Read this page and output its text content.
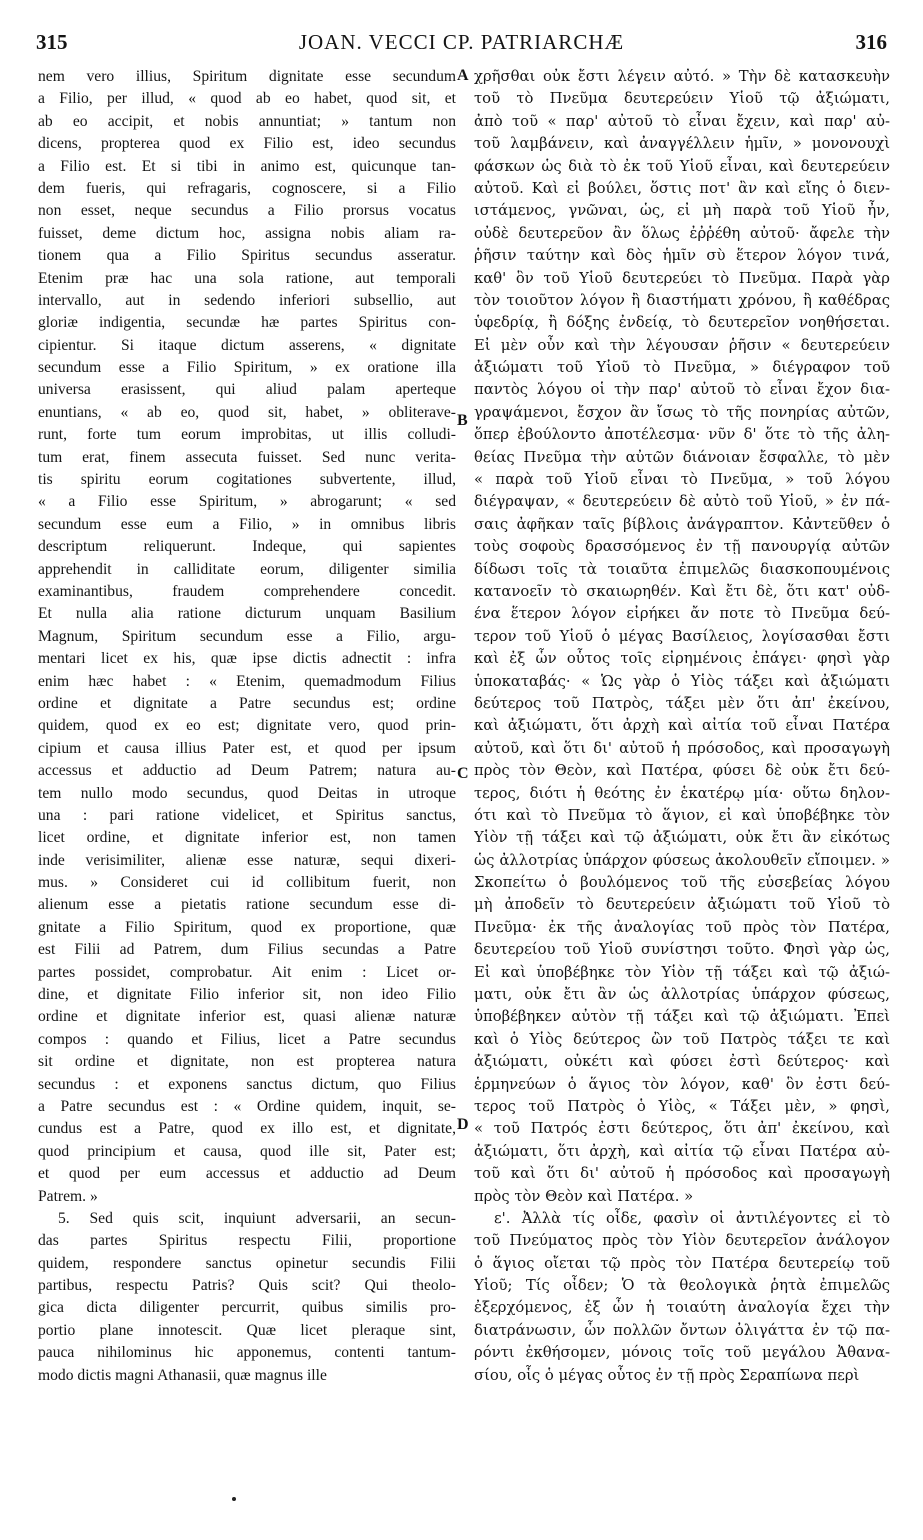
315	JOAN. VECCI CP. PATRIARCHÆ	316
nem vero illius, Spiritum dignitate esse secundum
a Filio, per illud, « quod ab eo habet, quod sit, et
ab eo accipit, et nobis annuntiat; » tantum non
dicens, propterea quod ex Filio est, ideo secundus
a Filio est. Et si tibi in animo est, quicunque tan-
dem fueris, qui refragaris, cognoscere, si a Filio
non esset, neque secundus a Filio prorsus vocatus
fuisset, deme dictum hoc, assigna nobis aliam ra-
tionem qua a Filio Spiritus secundus asseratur.
Etenim præ hac una sola ratione, aut temporali
intervallo, aut in sedendo inferiori subsellio, aut
gloriæ indigentia, secundæ hæ partes Spiritus con-
cipientur. Si itaque dictum asserens, « dignitate
secundum esse a Filio Spiritum, » ex oratione illa
universa erasissent, qui aliud palam aperteque
enuntians, « ab eo, quod sit, habet, » obliterave-
runt, forte tum eorum improbitas, ut illis colludi-
tum erat, finem assecuta fuisset. Sed nunc verita-
tis spiritu eorum cogitationes subvertente, illud,
« a Filio esse Spiritum, » abrogarunt; « sed
secundum esse eum a Filio, » in omnibus libris
descriptum reliquerunt. Indeque, qui sapientes
apprehendit in calliditate eorum, diligenter similia
examinantibus, fraudem comprehendere concedit.
Et nulla alia ratione dicturum unquam Basilium
Magnum, Spiritum secundum esse a Filio, argu-
mentari licet ex his, quæ ipse dictis adnectit : infra
enim hæc habet : « Etenim, quemadmodum Filius
ordine et dignitate a Patre secundus est; ordine
quidem, quod ex eo est; dignitate vero, quod prin-
cipium et causa illius Pater est, et quod per ipsum
accessus et adductio ad Deum Patrem; natura au-
tem nullo modo secundus, quod Deitas in utroque
una : pari ratione videlicet, et Spiritus sanctus,
licet ordine, et dignitate inferior est, non tamen
inde verisimiliter, alienæ esse naturæ, sequi dixeri-
mus. » Consideret cui id collibitum fuerit, non
alienum esse a pietatis ratione secundum esse di-
gnitate a Filio Spiritum, quod ex proportione, quæ
est Filii ad Patrem, dum Filius secundas a Patre
partes possidet, comprobatur. Ait enim : Licet or-
dine, et dignitate Filio inferior sit, non ideo Filio
ordine et dignitate inferior est, quasi alienæ naturæ
compos : quando et Filius, licet a Patre secundus
sit ordine et dignitate, non est propterea natura
secundus : et exponens sanctus dictum, quo Filius
a Patre secundus est : « Ordine quidem, inquit, se-
cundus est a Patre, quod ex illo est, et dignitate,
quod principium et causa, quod ille sit, Pater est;
et quod per eum accessus et adductio ad Deum
Patrem. »
5. Sed quis scit, inquiunt adversarii, an secun-
das partes Spiritus respectu Filii, proportione
quidem, respondere sanctus opinetur secundis Filii
partibus, respectu Patris? Quis scit? Qui theolo-
gica dicta diligenter percurrit, quibus similis pro-
portio plane innotescit. Quæ licet pleraque sint,
pauca nihilominus hic apponemus, contenti tantum-
modo dictis magni Athanasii, quæ magnus ille
χρῆσθαι οὐκ ἔστι λέγειν αὐτό. » Τὴν δὲ κατασκευὴν
τοῦ τὸ Πνεῦμα δευτερεύειν Υἱοῦ τῷ ἀξιώματι,
ἀπὸ τοῦ « παρ' αὐτοῦ τὸ εἶναι ἔχειν, καὶ παρ' αὐ-
τοῦ λαμβάνειν, καὶ ἀναγγέλλειν ἡμῖν, » μονονουχὶ
φάσκων ὡς διὰ τὸ ἐκ τοῦ Υἱοῦ εἶναι, καὶ δευτερεύειν
αὐτοῦ. Καὶ εἰ βούλει, ὅστις ποτ' ἂν καὶ εἴης ὁ διεν-
ιστάμενος, γνῶναι, ὡς, εἰ μὴ παρὰ τοῦ Υἱοῦ ἦν,
οὐδὲ δευτερεῦον ἂν ὅλως ἐῤῥέθη αὐτοῦ· ἄφελε τὴν
ῥῆσιν ταύτην καὶ δὸς ἡμῖν σὺ ἕτερον λόγον τινά,
καθ' ὃν τοῦ Υἱοῦ δευτερεύει τὸ Πνεῦμα. Παρὰ γὰρ
τὸν τοιοῦτον λόγον ἢ διαστήματι χρόνου, ἢ καθέδρας
ὑφεδρίᾳ, ἢ δόξης ἐνδείᾳ, τὸ δευτερεῖον νοηθήσεται.
Εἰ μὲν οὖν καὶ τὴν λέγουσαν ῥῆσιν « δευτερεύειν
ἀξιώματι τοῦ Υἱοῦ τὸ Πνεῦμα, » διέγραφον τοῦ
παντὸς λόγου οἱ τὴν παρ' αὐτοῦ τὸ εἶναι ἔχον δια-
γραψάμενοι, ἔσχον ἂν ἴσως τὸ τῆς πονηρίας αὐτῶν,
ὅπερ ἐβούλοντο ἀποτέλεσμα· νῦν δ' ὅτε τὸ τῆς ἀλη-
θείας Πνεῦμα τὴν αὐτῶν διάνοιαν ἔσφαλλε, τὸ μὲν
« παρὰ τοῦ Υἱοῦ εἶναι τὸ Πνεῦμα, » τοῦ λόγου
διέγραψαν, « δευτερεύειν δὲ αὐτὸ τοῦ Υἱοῦ, » ἐν πά-
σαις ἀφῆκαν ταῖς βίβλοις ἀνάγραπτον. Κἀντεῦθεν ὁ
τοὺς σοφοὺς δρασσόμενος ἐν τῇ πανουργίᾳ αὐτῶν
δίδωσι τοῖς τὰ τοιαῦτα ἐπιμελῶς διασκοπουμένοις
κατανοεῖν τὸ σκαιωρηθέν. Καὶ ἔτι δὲ, ὅτι κατ' οὐδ-
ένα ἕτερον λόγον εἰρήκει ἄν ποτε τὸ Πνεῦμα δεύ-
τερον τοῦ Υἱοῦ ὁ μέγας Βασίλειος, λογίσασθαι ἔστι
καὶ ἐξ ὧν οὗτος τοῖς εἰρημένοις ἐπάγει· φησὶ γὰρ
ὑποκαταβάς· « Ὡς γὰρ ὁ Υἱὸς τάξει καὶ ἀξιώματι
δεύτερος τοῦ Πατρὸς, τάξει μὲν ὅτι ἀπ' ἐκείνου,
καὶ ἀξιώματι, ὅτι ἀρχὴ καὶ αἰτία τοῦ εἶναι Πατέρα
αὐτοῦ, καὶ ὅτι δι' αὐτοῦ ἡ πρόσοδος, καὶ προσαγωγὴ
πρὸς τὸν Θεὸν, καὶ Πατέρα, φύσει δὲ οὐκ ἔτι δεύ-
τερος, διότι ἡ θεότης ἐν ἑκατέρῳ μία· οὕτω δηλον-
ότι καὶ τὸ Πνεῦμα τὸ ἅγιον, εἰ καὶ ὑποβέβηκε τὸν
Υἱὸν τῇ τάξει καὶ τῷ ἀξιώματι, οὐκ ἔτι ἂν εἰκότως
ὡς ἀλλοτρίας ὑπάρχον φύσεως ἀκολουθεῖν εἴποιμεν. »
Σκοπείτω ὁ βουλόμενος τοῦ τῆς εὐσεβείας λόγου
μὴ ἀποδεῖν τὸ δευτερεύειν ἀξιώματι τοῦ Υἱοῦ τὸ
Πνεῦμα· ἐκ τῆς ἀναλογίας τοῦ πρὸς τὸν Πατέρα,
δευτερείου τοῦ Υἱοῦ συνίστησι τοῦτο. Φησὶ γὰρ ὡς,
Εἰ καὶ ὑποβέβηκε τὸν Υἱὸν τῇ τάξει καὶ τῷ ἀξιώ-
ματι, οὐκ ἔτι ἂν ὡς ἀλλοτρίας ὑπάρχον φύσεως,
ὑποβέβηκεν αὐτὸν τῇ τάξει καὶ τῷ ἀξιώματι. Ἐπεὶ
καὶ ὁ Υἱὸς δεύτερος ὢν τοῦ Πατρὸς τάξει τε καὶ
ἀξιώματι, οὐκέτι καὶ φύσει ἐστὶ δεύτερος· καὶ
ἑρμηνεύων ὁ ἅγιος τὸν λόγον, καθ' ὃν ἐστι δεύ-
τερος τοῦ Πατρὸς ὁ Υἱὸς, « Τάξει μὲν, » φησὶ,
« τοῦ Πατρός ἐστι δεύτερος, ὅτι ἀπ' ἐκείνου, καὶ
ἀξιώματι, ὅτι ἀρχὴ, καὶ αἰτία τῷ εἶναι Πατέρα αὐ-
τοῦ καὶ ὅτι δι' αὐτοῦ ἡ πρόσοδος καὶ προσαγωγὴ
πρὸς τὸν Θεὸν καὶ Πατέρα. »
ε'. Ἀλλὰ τίς οἶδε, φασὶν οἱ ἀντιλέγοντες εἰ τὸ
τοῦ Πνεύματος πρὸς τὸν Υἱὸν δευτερεῖον ἀνάλογον
ὁ ἅγιος οἴεται τῷ πρὸς τὸν Πατέρα δευτερείῳ τοῦ
Υἱοῦ; Τίς οἶδεν; Ὁ τὰ θεολογικὰ ῥητὰ ἐπιμελῶς
ἐξερχόμενος, ἐξ ὧν ἡ τοιαύτη ἀναλογία ἔχει τὴν
διατράνωσιν, ὧν πολλῶν ὄντων ὀλιγάττα ἐν τῷ πα-
ρόντι ἐκθήσομεν, μόνοις τοῖς τοῦ μεγάλου Ἀθανα-
σίου, οἷς ὁ μέγας οὗτος ἐν τῇ πρὸς Σεραπίωνα περὶ
A
B
C
D
